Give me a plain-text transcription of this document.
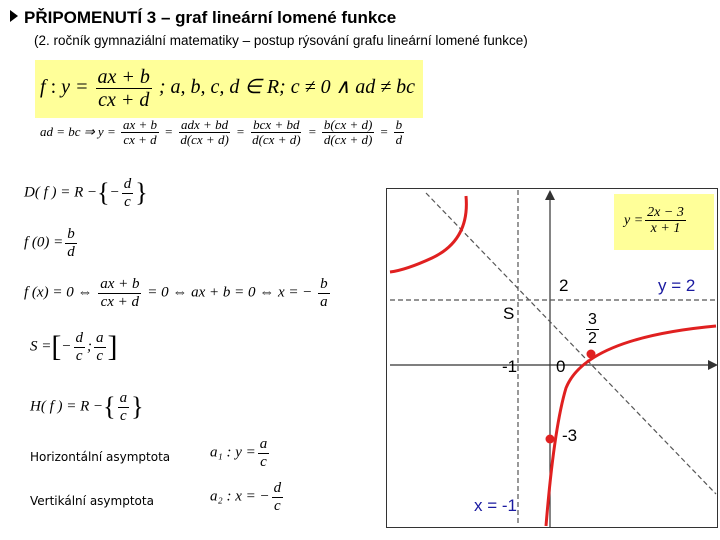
PŘIPOMENUTÍ 3 – graf lineární lomené funkce
(2. ročník gymnaziální matematiky – postup rýsování grafu lineární lomené funkce)
f : $y = \frac{ax + b}{cx + d}$ ; a, b, c, d ∈ R; c ≠ 0 ∧ ad ≠ bc
ad = bc ⇒ $y = \frac{ax + b}{cx + d} = \frac{\text{adx + bd}}{d(cx + d)} = \frac{\text{bcx + bd}}{d(cx + d)} = \frac{b(cx + d)}{d(cx + d)} = \frac{b}{d}$
D( f ) = R −{− $\frac{d}{c}$ }
f $(0) = \frac{b}{d}$
f (x) = 0 ⇔ $\frac{ax + b}{cx + d} = 0$ ⇔ ax + b = 0 ⇔ x = − $\frac{b}{a}$
S =[− $\frac{d}{c}$ ; $\frac{a}{c}$ ]
H( f ) = R −{ $\frac{a}{c}$ }
Horizontální asymptota	a₁ : $y = \frac{a}{c}$
Vertikální asymptota	a₂ : x = − $\frac{d}{c}$
$y = \frac{2x - 3}{x + 1}$
y = 2
x = -1
S
2
-1 0
-3
$\frac{3}{2}$
